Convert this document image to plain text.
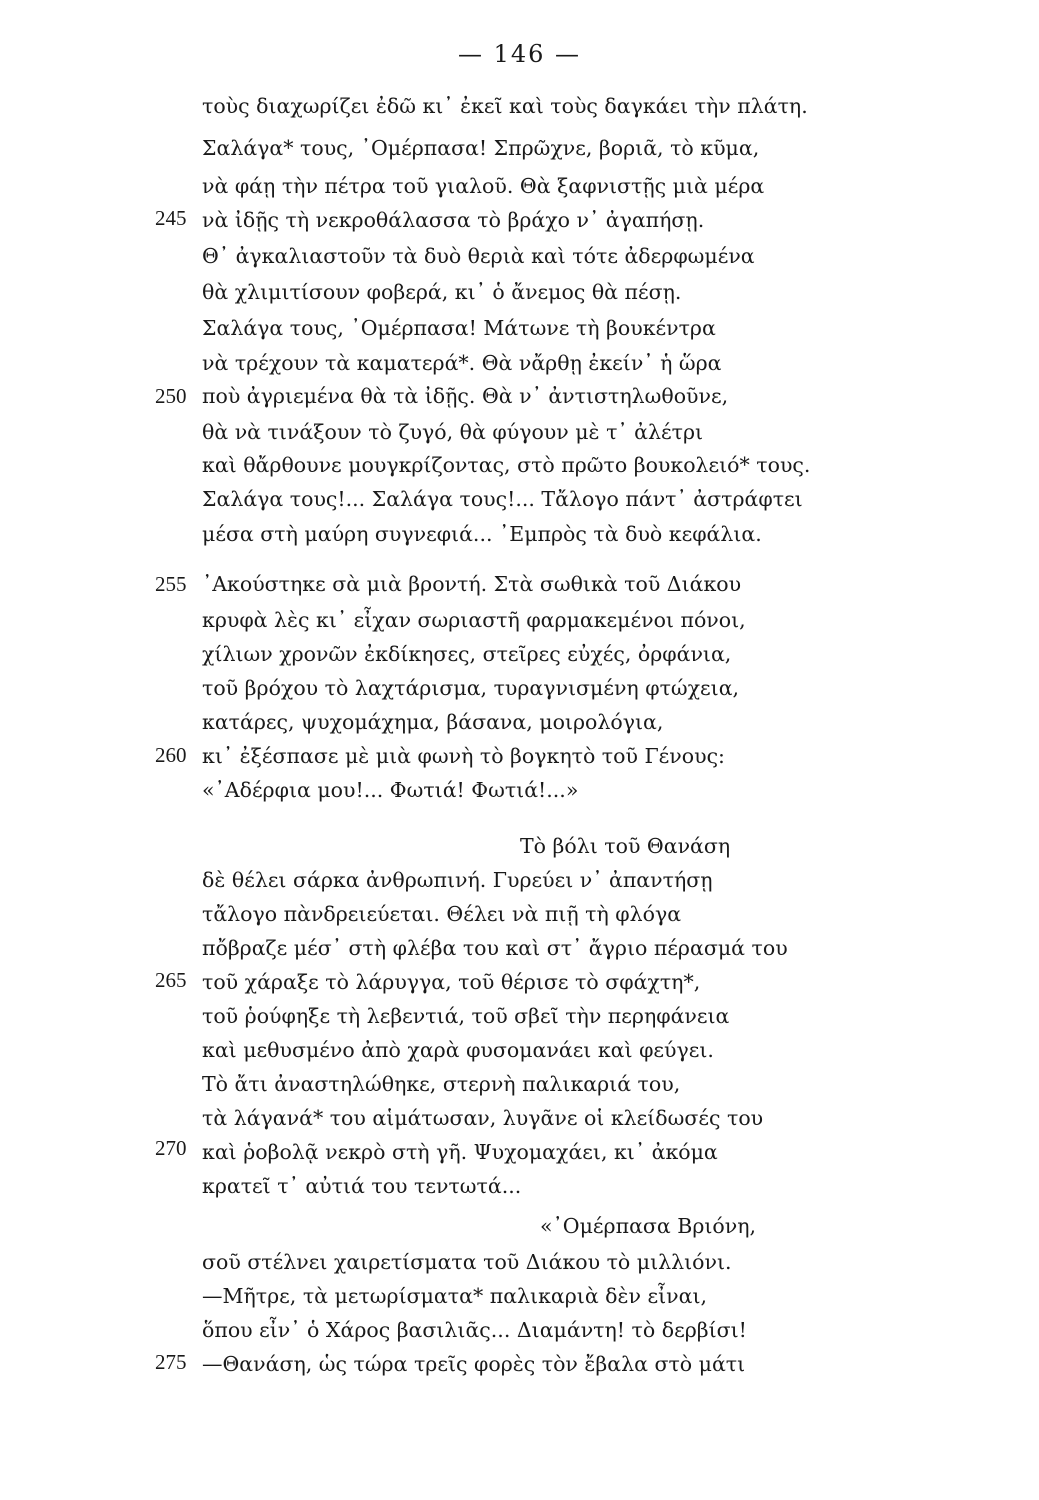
— 146 —
τοὺς διαχωρίζει ἐδῶ κι᾿ ἐκεῖ καὶ τοὺς δαγκάει τὴν πλάτη.
Σαλάγα* τους, ᾿Ομέρπασα! Σπρῶχνε, βοριᾶ, τὸ κῦμα,
νὰ φάῃ τὴν πέτρα τοῦ γιαλοῦ. Θὰ ξαφνιστῇς μιὰ μέρα
245 νὰ ἰδῇς τὴ νεκροθάλασσα τὸ βράχο ν᾿ ἀγαπήσῃ.
Θ᾿ ἀγκαλιαστοῦν τὰ δυὸ θεριὰ καὶ τότε ἀδερφωμένα
θὰ χλιμιτίσουν φοβερά, κι᾿ ὁ ἄνεμος θὰ πέσῃ.
Σαλάγα τους, ᾿Ομέρπασα! Μάτωνε τὴ βουκέντρα
νὰ τρέχουν τὰ καματερά*. Θὰ νἄρθῃ ἐκείν᾿ ἡ ὥρα
250 ποὺ ἀγριεμένα θὰ τὰ ἰδῇς. Θὰ ν᾿ ἀντιστηλωθοῦνε,
θὰ νὰ τινάξουν τὸ ζυγό, θὰ φύγουν μὲ τ᾿ ἀλέτρι
καὶ θἄρθουνε μουγκρίζοντας, στὸ πρῶτο βουκολειό* τους.
Σαλάγα τους!... Σαλάγα τους!... Τἄλογο πάντ᾿ ἀστράφτει
μέσα στὴ μαύρη συγνεφιά... ᾿Εμπρὸς τὰ δυὸ κεφάλια.
255 ᾿Ακούστηκε σὰ μιὰ βροντή. Στὰ σωθικὰ τοῦ Διάκου
κρυφὰ λὲς κι᾿ εἶχαν σωριαστῆ φαρμακεμένοι πόνοι,
χίλιων χρονῶν ἐκδίκησες, στεῖρες εὐχές, ὀρφάνια,
τοῦ βρόχου τὸ λαχτάρισμα, τυραγνισμένη φτώχεια,
κατάρες, ψυχομάχημα, βάσανα, μοιρολόγια,
260 κι᾿ ἐξέσπασε μὲ μιὰ φωνὴ τὸ βογκητὸ τοῦ Γένους:
«᾿Αδέρφια μου!... Φωτιά! Φωτιά!...»
Τὸ βόλι τοῦ Θανάση
δὲ θέλει σάρκα ἀνθρωπινή. Γυρεύει ν᾿ ἀπαντήσῃ
τἄλογο πὰνδρειεύεται. Θέλει νὰ πιῇ τὴ φλόγα
πὄβραζε μέσ᾿ στὴ φλέβα του καὶ στ᾿ ἄγριο πέρασμά του
265 τοῦ χάραξε τὸ λάρυγγα, τοῦ θέρισε τὸ σφάχτη*,
τοῦ ῥούφηξε τὴ λεβεντιά, τοῦ σβεῖ τὴν περηφάνεια
καὶ μεθυσμένο ἀπὸ χαρὰ φυσομανάει καὶ φεύγει.
Τὸ ἄτι ἀναστηλώθηκε, στερνὴ παλικαριά του,
τὰ λάγανά* του αἱμάτωσαν, λυγᾶνε οἱ κλείδωσές του
270 καὶ ῥοβολᾷ νεκρὸ στὴ γῆ. Ψυχομαχάει, κι᾿ ἀκόμα
κρατεῖ τ᾿ αὐτιά του τεντωτά...
«᾿Ομέρπασα Βριόνη,
σοῦ στέλνει χαιρετίσματα τοῦ Διάκου τὸ μιλλιόνι.
—Μῆτρε, τὰ μετωρίσματα* παλικαριὰ δὲν εἶναι,
ὅπου εἶν᾿ ὁ Χάρος βασιλιᾶς... Διαμάντη! τὸ δερβίσι!
275 —Θανάση, ὡς τώρα τρεῖς φορὲς τὸν ἔβαλα στὸ μάτι
